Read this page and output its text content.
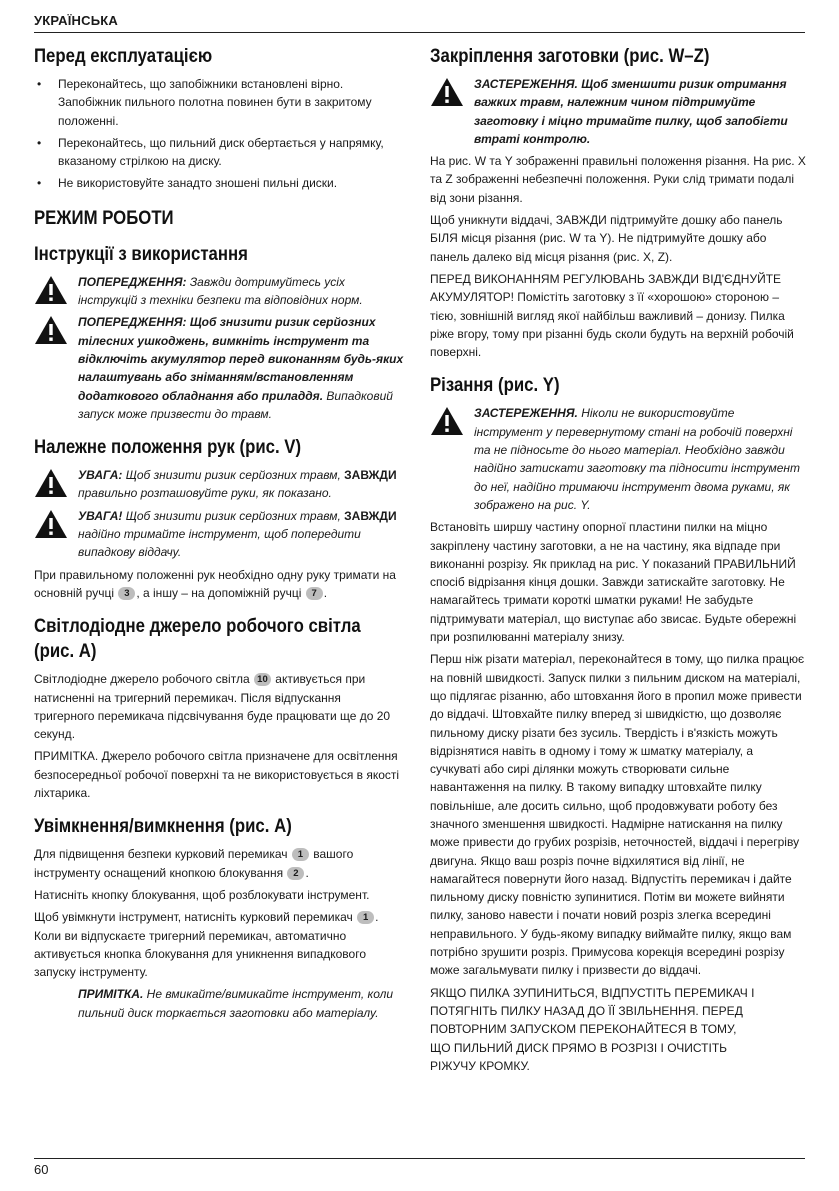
УКРАЇНСЬКА
Перед експлуатацією
• Переконайтесь, що запобіжники встановлені вірно. Запобіжник пильного полотна повинен бути в закритому положенні.
• Переконайтесь, що пильний диск обертається у напрямку, вказаному стрілкою на диску.
• Не використовуйте занадто зношені пильні диски.
РЕЖИМ РОБОТИ
Інструкції з використання
ПОПЕРЕДЖЕННЯ: Завжди дотримуйтесь усіх інструкцій з техніки безпеки та відповідних норм.
ПОПЕРЕДЖЕННЯ: Щоб знизити ризик серйозних тілесних ушкоджень, вимкніть інструмент та відключіть акумулятор перед виконанням будь-яких налаштувань або зніманням/встановленням додаткового обладнання або приладдя. Випадковий запуск може призвести до травм.
Належне положення рук (рис. V)
УВАГА: Щоб знизити ризик серйозних травм, ЗАВЖДИ правильно розташовуйте руки, як показано.
УВАГА! Щоб знизити ризик серйозних травм, ЗАВЖДИ надійно тримайте інструмент, щоб попередити випадкову віддачу.

При правильному положенні рук необхідно одну руку тримати на основній ручці 3 , а іншу – на допоміжній ручці 7 .

Світлодіодне джерело робочого світла (рис. A)

Світлодіодне джерело робочого світла 10 активується при натисненні на тригерний перемикач. Після відпускання тригерного перемикача підсвічування буде працювати ще до 20 секунд.

ПРИМІТКА. Джерело робочого світла призначене для освітлення безпосередньої робочої поверхні та не використовується в якості ліхтарика.

Увімкнення/вимкнення (рис. A)

Для підвищення безпеки курковий перемикач 1 вашого інструменту оснащений кнопкою блокування 2 .

Натисніть кнопку блокування, щоб розблокувати інструмент.

Щоб увімкнути інструмент, натисніть курковий перемикач 1 . Коли ви відпускаєте тригерний перемикач, автоматично активується кнопка блокування для уникнення випадкового запуску інструменту.

ПРИМІТКА. Не вмикайте/вимикайте інструмент, коли пильний диск торкається заготовки або матеріалу.
Закріплення заготовки (рис. W–Z)
ЗАСТЕРЕЖЕННЯ. Щоб зменшити ризик отримання важких травм, належним чином підтримуйте заготовку і міцно тримайте пилку, щоб запобігти втраті контролю.

На рис. W та Y зображенні правильні положення різання. На рис. X та Z зображенні небезпечні положення. Руки слід тримати подалі від зони різання.

Щоб уникнути віддачі, ЗАВЖДИ підтримуйте дошку або панель БІЛЯ місця різання (рис. W та Y). Не підтримуйте дошку або панель далеко від місця різання (рис. X, Z).

ПЕРЕД ВИКОНАННЯМ РЕГУЛЮВАНЬ ЗАВЖДИ ВІД'ЄДНУЙТЕ АКУМУЛЯТОР! Помістіть заготовку з її «хорошою» стороною – тією, зовнішній вигляд якої найбільш важливий – донизу. Пилка ріже вгору, тому при різанні будь сколи будуть на верхній робочій поверхні.

Різання (рис. Y)
ЗАСТЕРЕЖЕННЯ. Ніколи не використовуйте інструмент у перевернутому стані на робочій поверхні та не підносьте до нього матеріал. Необхідно завжди надійно затискати заготовку та підносити інструмент до неї, надійно тримаючи інструмент двома руками, як зображено на рис. Y.

Встановіть ширшу частину опорної пластини пилки на міцно закріплену частину заготовки, а не на частину, яка відпаде при виконанні розрізу. Як приклад на рис. Y показаний ПРАВИЛЬНИЙ спосіб відрізання кінця дошки. Завжди затискайте заготовку. Не намагайтесь тримати короткі шматки руками! Не забудьте підтримувати матеріал, що виступає або звисає. Будьте обережні при розпилюванні матеріалу знизу.

Перш ніж різати матеріал, переконайтеся в тому, що пилка працює на повній швидкості. Запуск пилки з пильним диском на матеріалі, що підлягає різанню, або штовхання його в пропил може привести до віддачі. Штовхайте пилку вперед зі швидкістю, що дозволяє пильному диску різати без зусиль. Твердість і в'язкість можуть відрізнятися навіть в одному і тому ж шматку матеріалу, а сучкуваті або сирі ділянки можуть створювати сильне навантаження на пилку. В такому випадку штовхайте пилку повільніше, але досить сильно, щоб продовжувати роботу без значного зменшення швидкості. Надмірне натискання на пилку може привести до грубих розрізів, неточностей, віддачі і перегріву двигуна. Якщо ваш розріз почне відхилятися від лінії, не намагайтеся повернути його назад. Відпустіть перемикач і дайте пильному диску повністю зупинитися. Потім ви можете вийняти пилку, заново навести і почати новий розріз злегка всередині неправильного. У будь-якому випадку виймайте пилку, якщо вам потрібно зрушити розріз. Примусова корекція всередині розрізу може загальмувати пилку і призвести до віддачі.

ЯКЩО ПИЛКА ЗУПИНИТЬСЯ, ВІДПУСТІТЬ ПЕРЕМИКАЧ І ПОТЯГНІТЬ ПИЛКУ НАЗАД ДО ЇЇ ЗВІЛЬНЕННЯ. ПЕРЕД ПОВТОРНИМ ЗАПУСКОМ ПЕРЕКОНАЙТЕСЯ В ТОМУ, ЩО ПИЛЬНИЙ ДИСК ПРЯМО В РОЗРІЗІ І ОЧИСТІТЬ РІЖУЧУ КРОМКУ.

60
